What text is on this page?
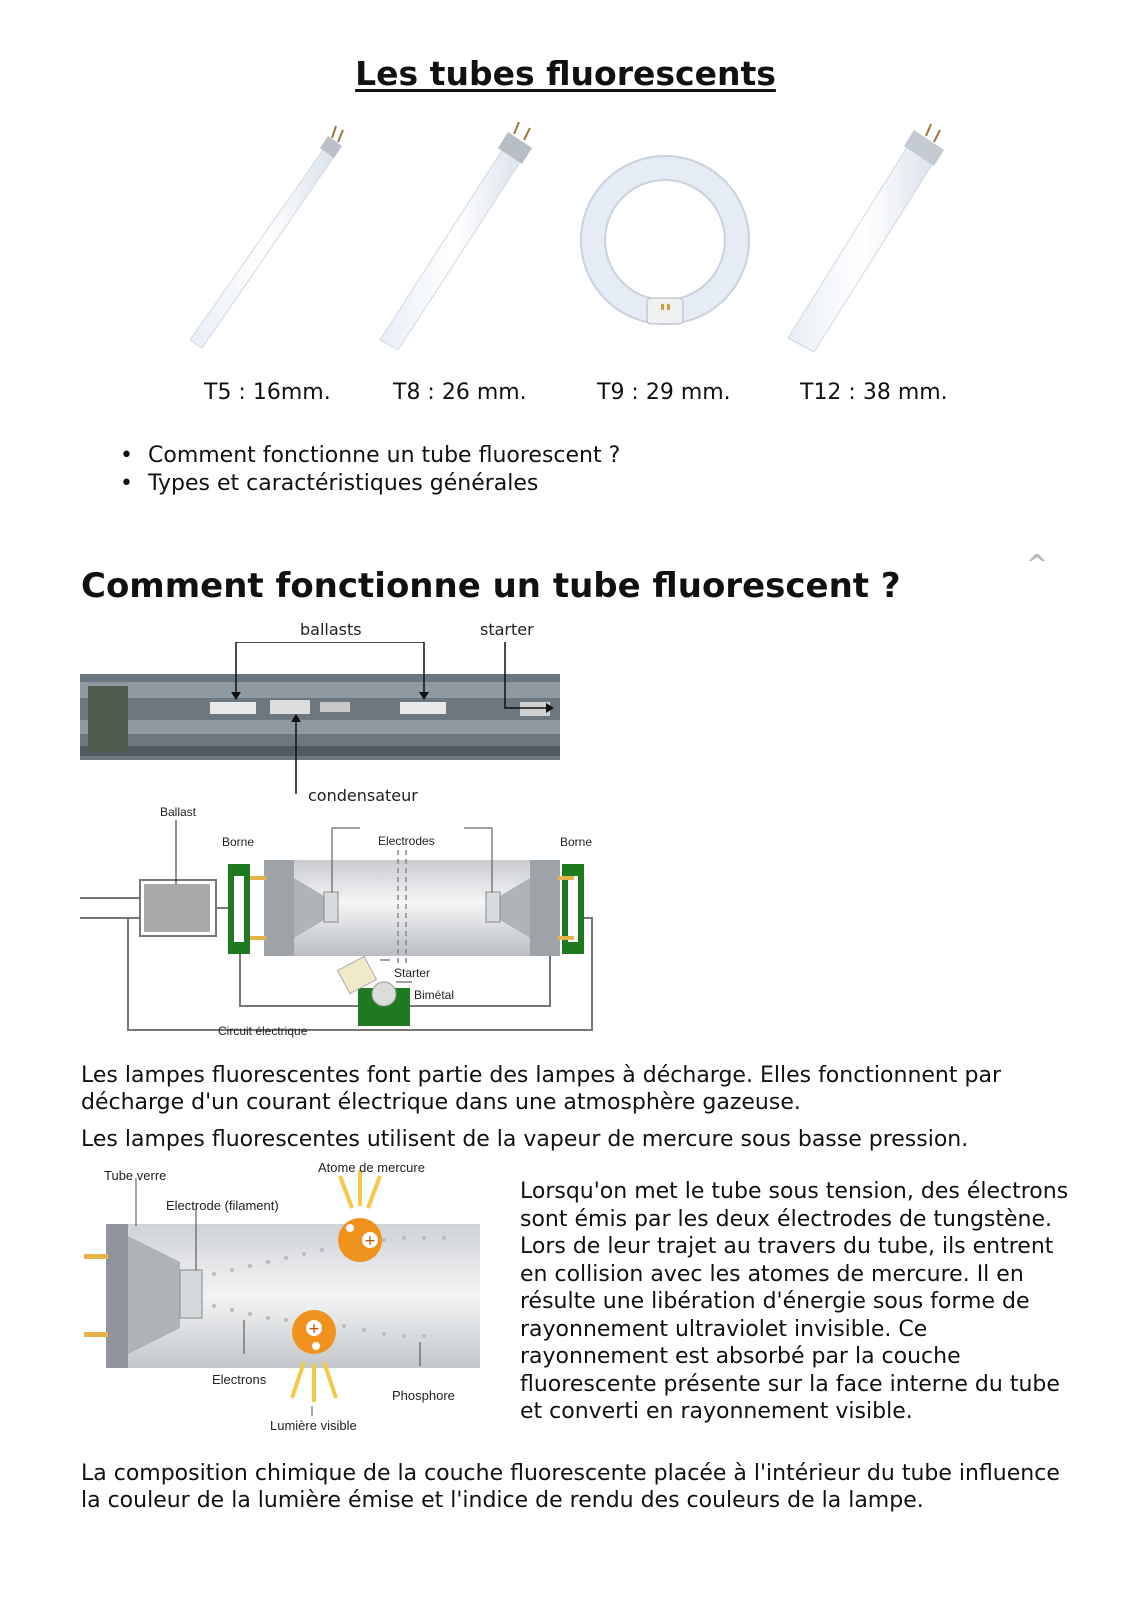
Les tubes fluorescents
T5 : 16mm.	T8 : 26 mm.	T9 : 29 mm.	T12 : 38 mm.
• Comment fonctionne un tube fluorescent ?
• Types et caractéristiques générales
Comment fonctionne un tube fluorescent ?
^
ballasts	starter
condensateur
Ballast
Borne	Electrodes	Borne
Starter
Bimétal
Circuit électrique
Les lampes fluorescentes font partie des lampes à décharge. Elles fonctionnent par décharge d'un courant électrique dans une atmosphère gazeuse.
Les lampes fluorescentes utilisent de la vapeur de mercure sous basse pression.
+
+
Tube verre
Atome de mercure
Electrode (filament)
Electrons
Phosphore
Lumière visible
Lorsqu'on met le tube sous tension, des électrons sont émis par les deux électrodes de tungstène. Lors de leur trajet au travers du tube, ils entrent en collision avec les atomes de mercure. Il en résulte une libération d'énergie sous forme de rayonnement ultraviolet invisible. Ce rayonnement est absorbé par la couche fluorescente présente sur la face interne du tube et converti en rayonnement visible.
La composition chimique de la couche fluorescente placée à l'intérieur du tube influence la couleur de la lumière émise et l'indice de rendu des couleurs de la lampe.
